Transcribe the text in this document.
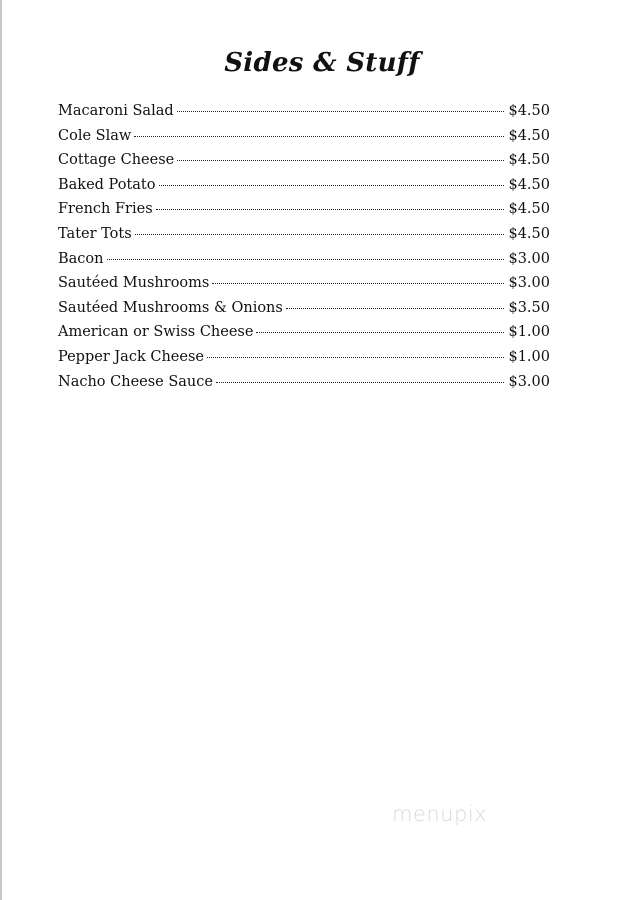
Sides & Stuff
Macaroni Salad	$4.50
Cole Slaw	$4.50
Cottage Cheese	$4.50
Baked Potato	$4.50
French Fries	$4.50
Tater Tots	$4.50
Bacon	$3.00
Sautéed Mushrooms	$3.00
Sautéed Mushrooms & Onions	$3.50
American or Swiss Cheese	$1.00
Pepper Jack Cheese	$1.00
Nacho Cheese Sauce	$3.00
menupix
